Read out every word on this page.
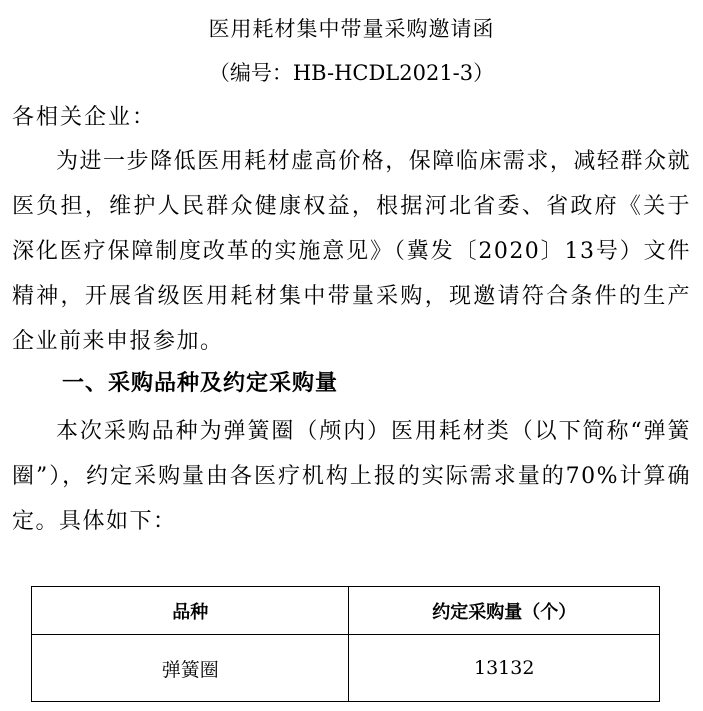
医用耗材集中带量采购邀请函
（编号：HB-HCDL2021-3）
各相关企业：

为进一步降低医用耗材虚高价格，保障临床需求，减轻群众就医负担，维护人民群众健康权益，根据河北省委、省政府《关于深化医疗保障制度改革的实施意见》（冀发〔2020〕13号）文件精神，开展省级医用耗材集中带量采购，现邀请符合条件的生产企业前来申报参加。

一、采购品种及约定采购量

本次采购品种为弹簧圈（颅内）医用耗材类（以下简称“弹簧圈”），约定采购量由各医疗机构上报的实际需求量的70%计算确定。具体如下：

品种	约定采购量（个）
弹簧圈	13132
